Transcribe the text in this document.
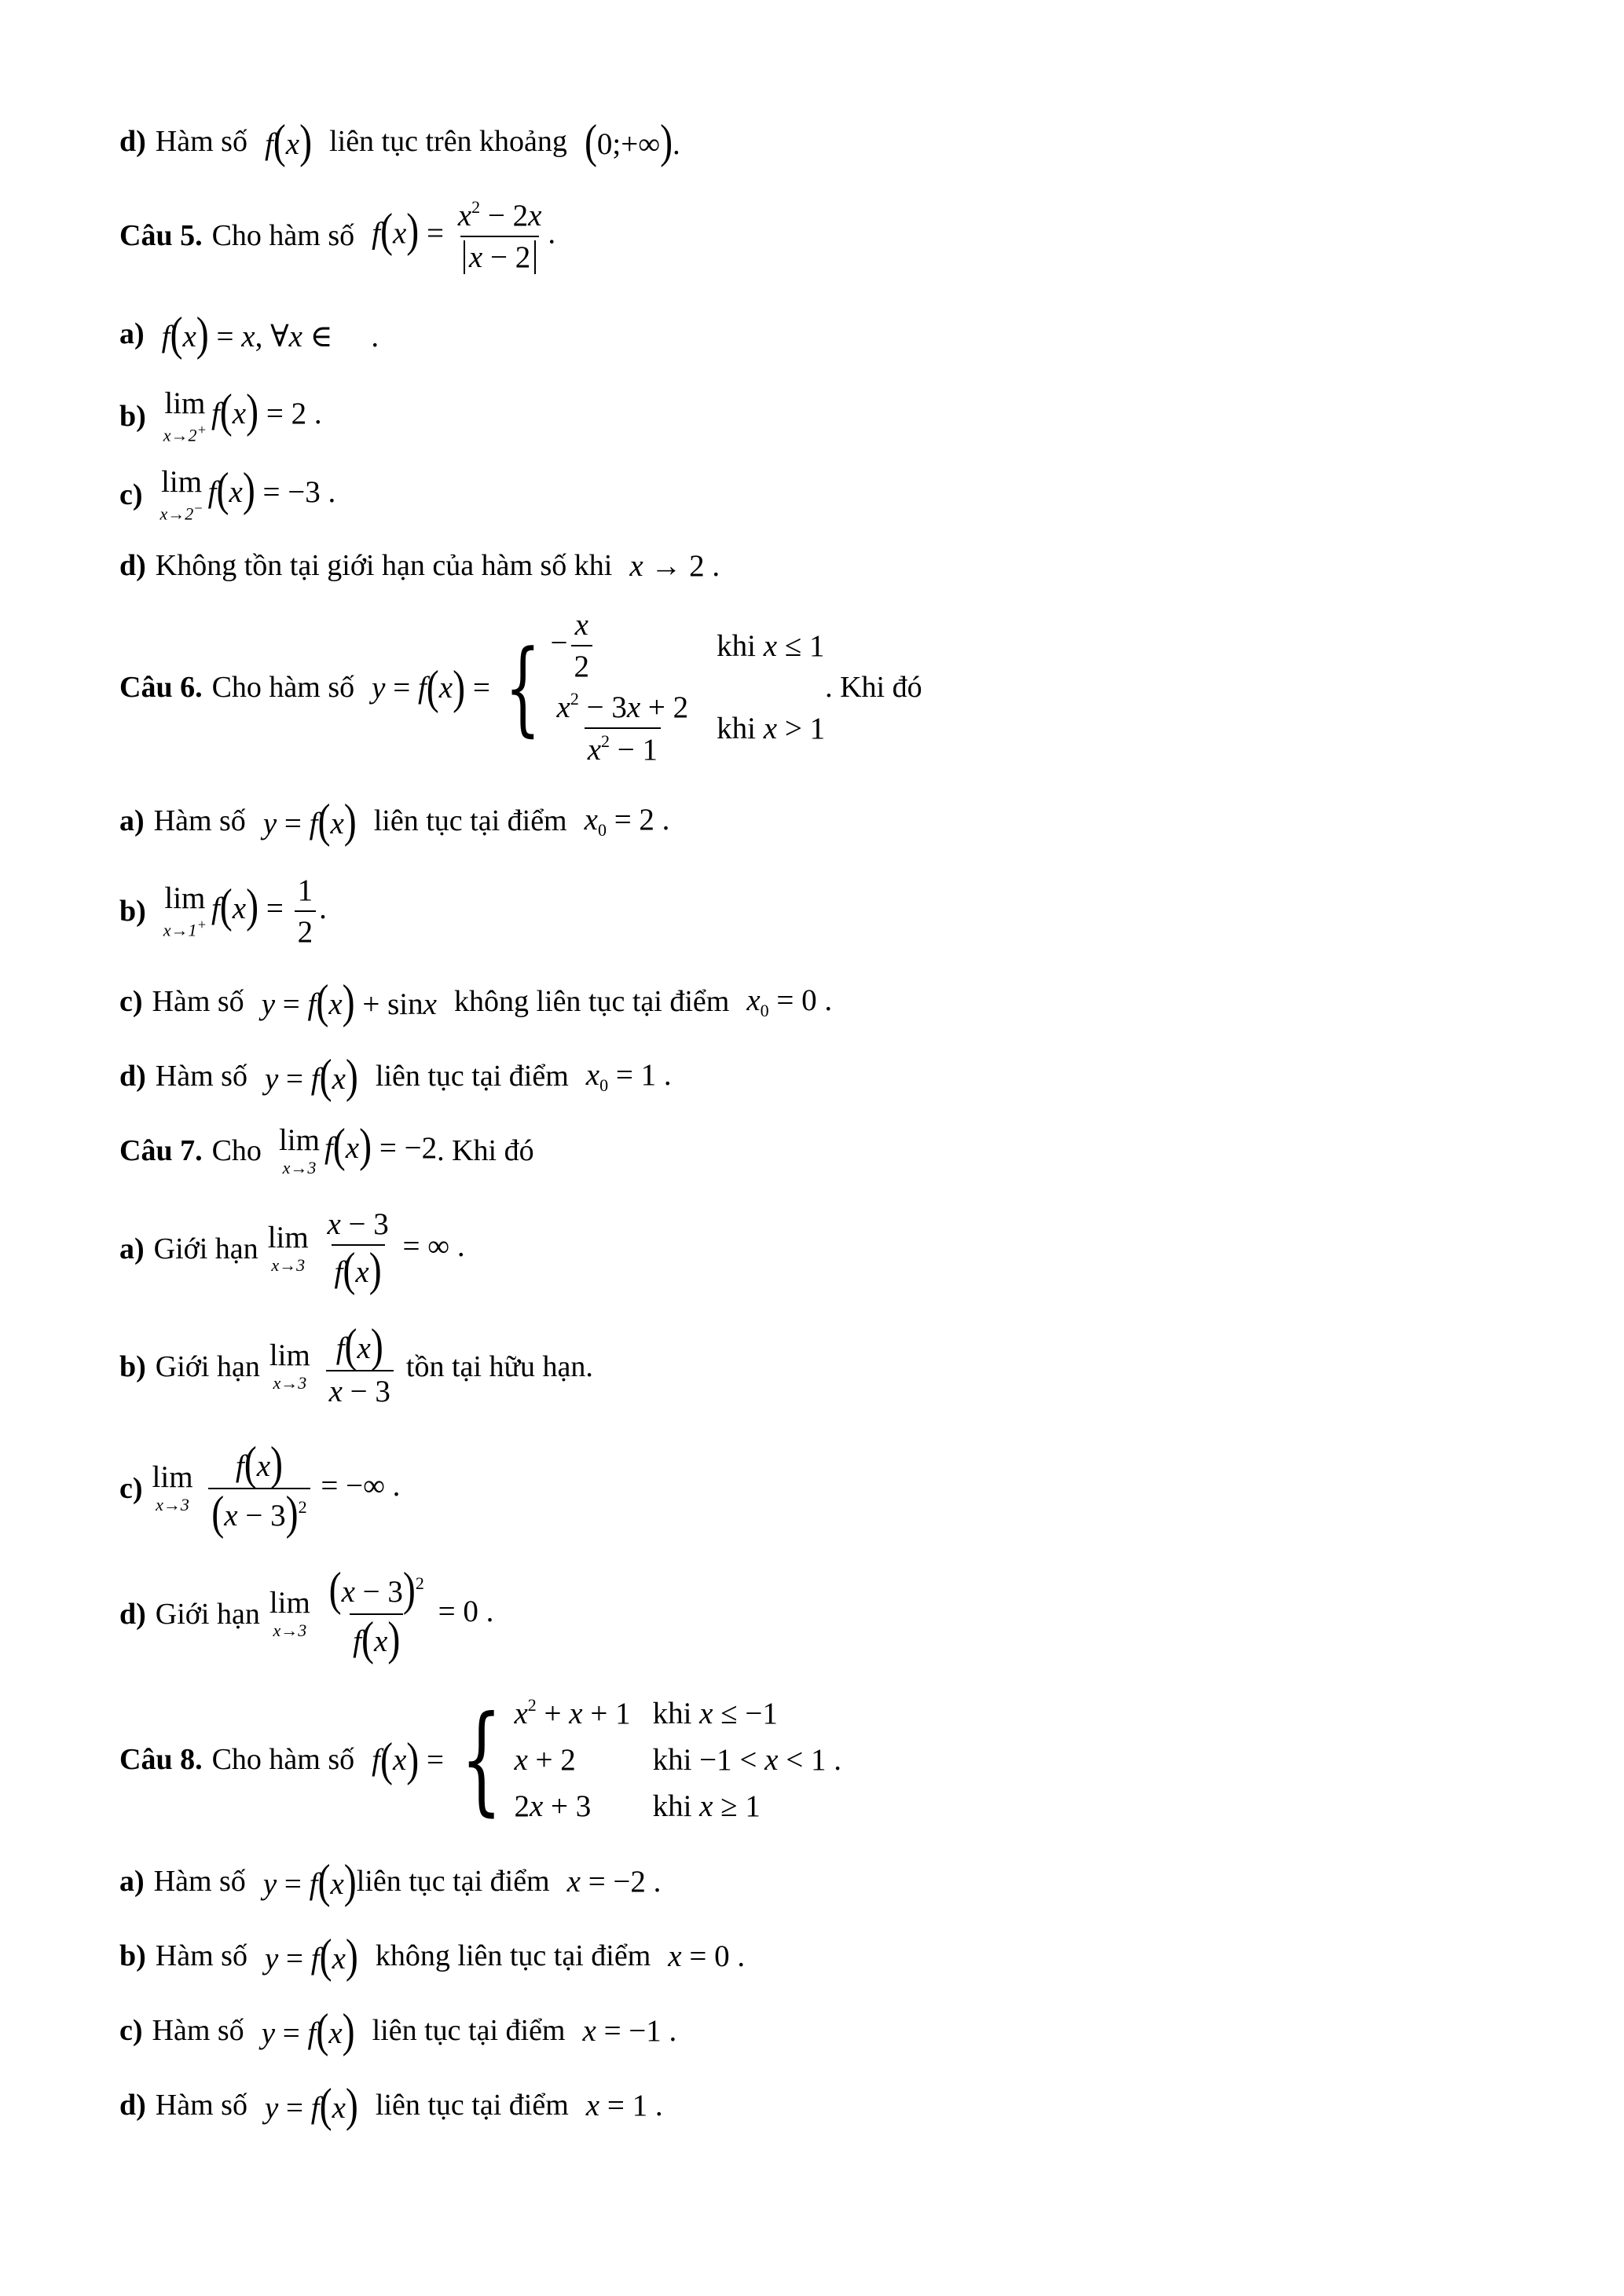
d) Hàm số f(x) liên tục trên khoảng (0;+∞).
Câu 5. Cho hàm số $f(x) = \frac{x^2 - 2x}{x - 2}$ .
a) f(x) = x, ∀x ∈     .
b) lim
x→2+ f(x) = 2 .
c) lim
x→2− f(x) = −3 .
d) Không tồn tại giới hạn của hàm số khi x → 2 .
Câu 6. Cho hàm số y = f ( x ) = { − $\frac{x}{2}$	khi x ≤ 1
$\frac{x^2 - 3x + 2}{x^2 - 1}$ khi x > 1
. Khi đó
a) Hàm số y = f(x) liên tục tại điểm $x_0 = 2$ .
b) lim
x→1+ $f(x) = \frac{1}{2}$ .
c) Hàm số y = f(x) + sinx không liên tục tại điểm $x_0 = 0$ .
d) Hàm số y = f(x) liên tục tại điểm $x_0 = 1$ .
Câu 7. Cho lim
x→3
f(x) = −2 . Khi đó
a) Giới hạn lim
x→3
$\frac{x - 3}{f(x)}$ = ∞ .
b) Giới hạn lim
x→3
$\frac{f(x)}{x - 3}$ tồn tại hữu hạn.
c) lim
x→3
$\frac{f(x)}{(x - 3)^2}$ = −∞ .
d) Giới hạn lim
x→3
$\frac{(x - 3)^2}{f(x)} = 0$ .
Câu 8. Cho hàm số f ( x ) = { $x^2 + x + 1$ khi x ≤ −1
x + 2	khi −1 < x < 1 .
2x + 3	khi x ≥ 1
a) Hàm số y = f(x) liên tục tại điểm x = −2 .
b) Hàm số y = f(x) không liên tục tại điểm x = 0 .
c) Hàm số y = f(x) liên tục tại điểm x = −1 .
d) Hàm số y = f(x) liên tục tại điểm x = 1 .
